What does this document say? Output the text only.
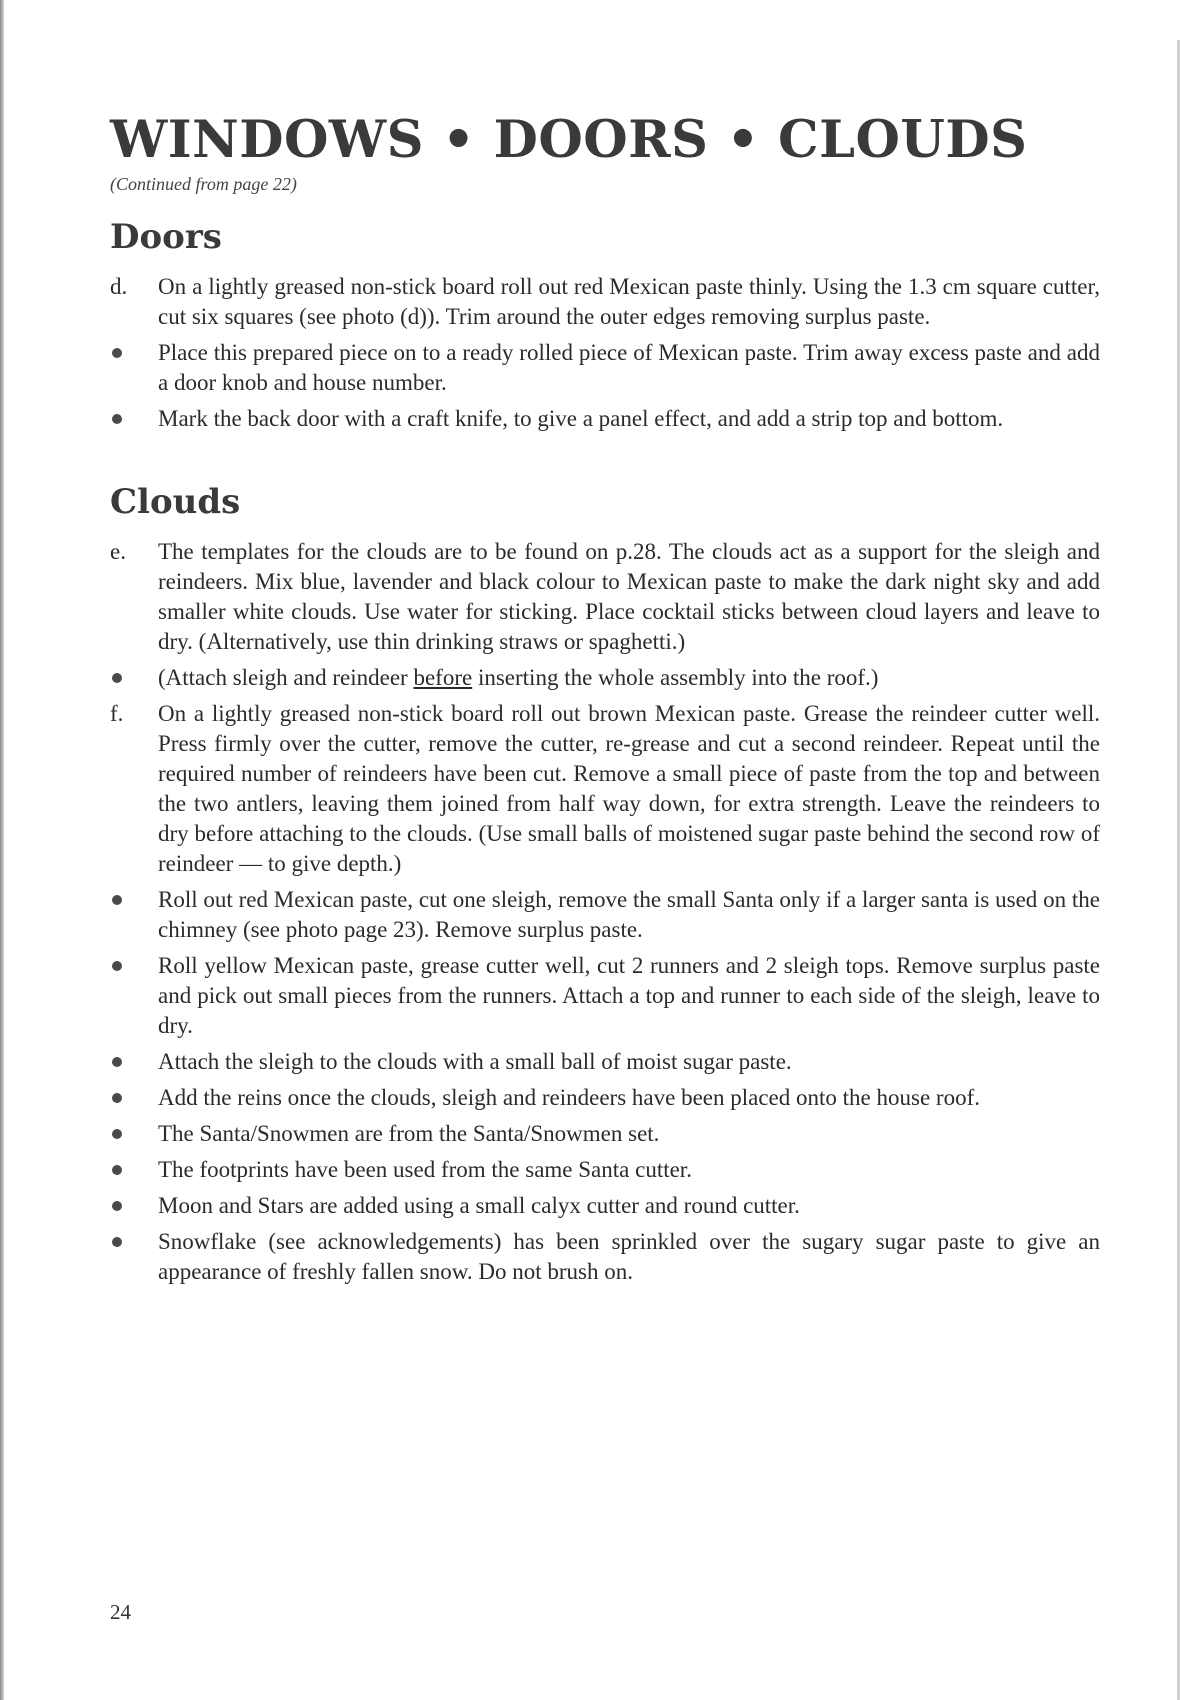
WINDOWS • DOORS • CLOUDS

(Continued from page 22)

Doors
d.	On a lightly greased non-stick board roll out red Mexican paste thinly. Using the 1.3 cm square cutter, cut six squares (see photo (d)). Trim around the outer edges removing surplus paste.
Place this prepared piece on to a ready rolled piece of Mexican paste. Trim away excess paste and add a door knob and house number.
Mark the back door with a craft knife, to give a panel effect, and add a strip top and bottom.
Clouds
e.	The templates for the clouds are to be found on p.28. The clouds act as a support for the sleigh and reindeers. Mix blue, lavender and black colour to Mexican paste to make the dark night sky and add smaller white clouds. Use water for sticking. Place cocktail sticks between cloud layers and leave to dry. (Alternatively, use thin drinking straws or spaghetti.)
(Attach sleigh and reindeer before inserting the whole assembly into the roof.)
f.	On a lightly greased non-stick board roll out brown Mexican paste. Grease the reindeer cutter well. Press firmly over the cutter, remove the cutter, re-grease and cut a second reindeer. Repeat until the required number of reindeers have been cut. Remove a small piece of paste from the top and between the two antlers, leaving them joined from half way down, for extra strength. Leave the reindeers to dry before attaching to the clouds. (Use small balls of moistened sugar paste behind the second row of reindeer — to give depth.)
Roll out red Mexican paste, cut one sleigh, remove the small Santa only if a larger santa is used on the chimney (see photo page 23). Remove surplus paste.
Roll yellow Mexican paste, grease cutter well, cut 2 runners and 2 sleigh tops. Remove surplus paste and pick out small pieces from the runners. Attach a top and runner to each side of the sleigh, leave to dry.
Attach the sleigh to the clouds with a small ball of moist sugar paste.
Add the reins once the clouds, sleigh and reindeers have been placed onto the house roof.
The Santa/Snowmen are from the Santa/Snowmen set.
The footprints have been used from the same Santa cutter.
Moon and Stars are added using a small calyx cutter and round cutter.
Snowflake (see acknowledgements) has been sprinkled over the sugary sugar paste to give an appearance of freshly fallen snow. Do not brush on.
24
